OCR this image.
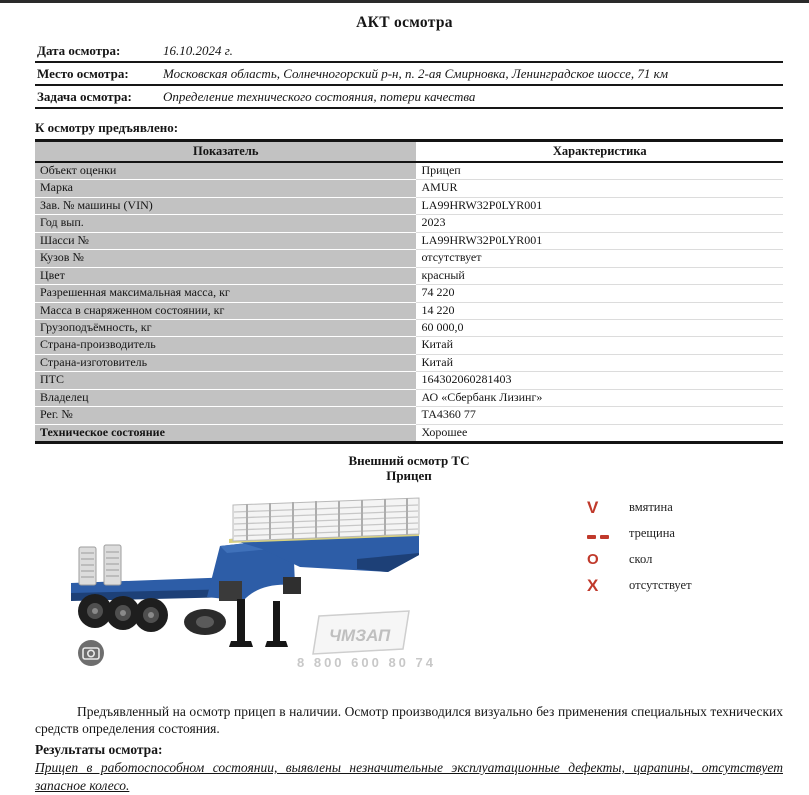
АКТ осмотра
Дата осмотра:	16.10.2024 г.
Место осмотра:	Московская область, Солнечногорский р-н, п. 2-ая Смирновка, Ленинградское шоссе, 71 км
Задача осмотра:	Определение технического состояния, потери качества
К осмотру предъявлено:
Показатель	Характеристика
Объект оценки	Прицеп
Марка	AMUR
Зав. № машины (VIN)	LA99HRW32P0LYR001
Год вып.	2023
Шасси №	LA99HRW32P0LYR001
Кузов №	отсутствует
Цвет	красный
Разрешенная максимальная масса, кг	74 220
Масса в снаряженном состоянии, кг	14 220
Грузоподъёмность, кг	60 000,0
Страна-производитель	Китай
Страна-изготовитель	Китай
ПТС	164302060281403
Владелец	АО «Сбербанк Лизинг»
Рег. №	ТА4360 77
Техническое состояние	Хорошее
Внешний осмотр ТС
Прицеп
ЧМЗАП
8 800 600 80 74
V	вмятина
трещина
O	скол
X	отсутствует
Предъявленный на осмотр прицеп в наличии. Осмотр производился визуально без применения специальных технических средств определения состояния.
Результаты осмотра:
Прицеп в работоспособном состоянии, выявлены незначительные эксплуатационные дефекты, царапины, отсутствует запасное колесо.
